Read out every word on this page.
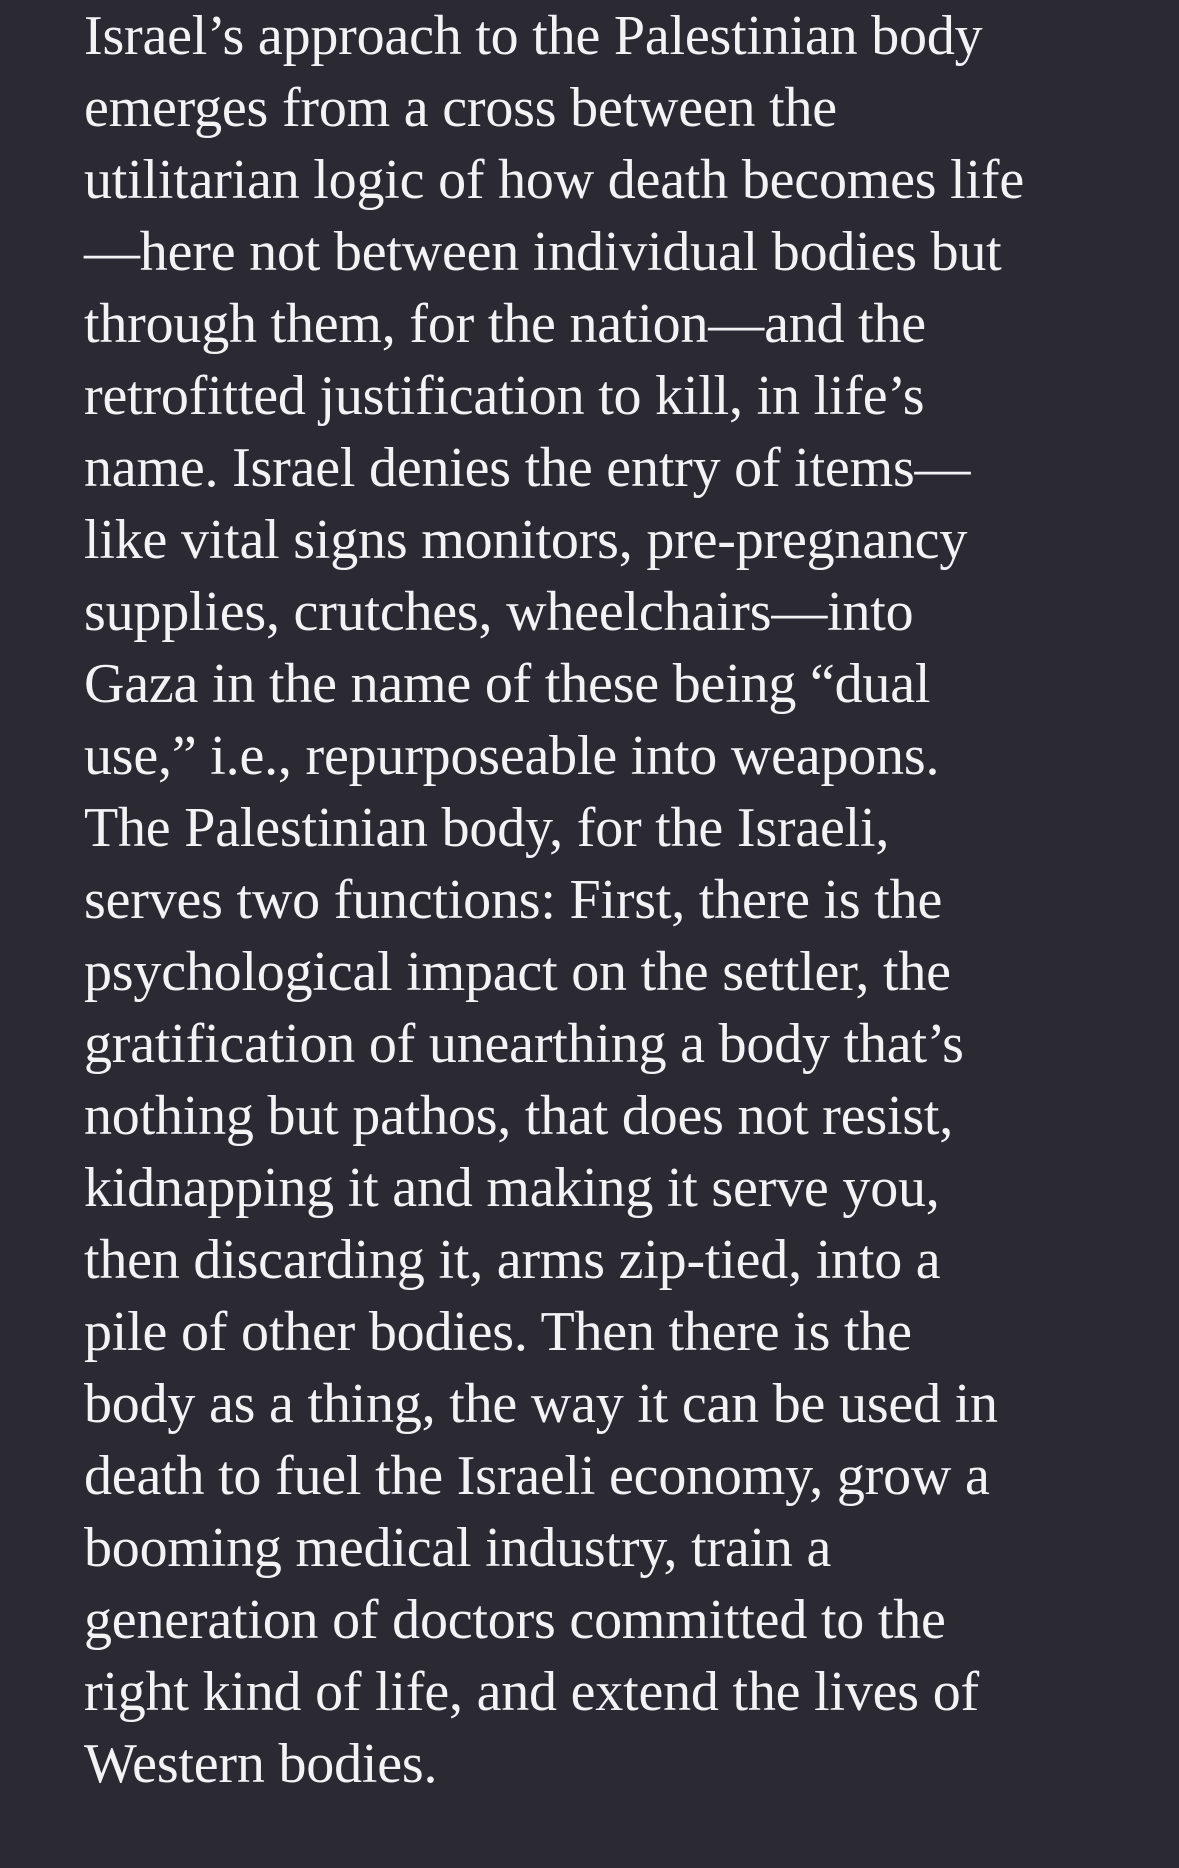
Israel’s approach to the Palestinian body
emerges from a cross between the
utilitarian logic of how death becomes life
—here not between individual bodies but
through them, for the nation—and the
retrofitted justification to kill, in life’s
name. Israel denies the entry of items—
like vital signs monitors, pre-pregnancy
supplies, crutches, wheelchairs—into
Gaza in the name of these being “dual
use,” i.e., repurposeable into weapons.
The Palestinian body, for the Israeli,
serves two functions: First, there is the
psychological impact on the settler, the
gratification of unearthing a body that’s
nothing but pathos, that does not resist,
kidnapping it and making it serve you,
then discarding it, arms zip-tied, into a
pile of other bodies. Then there is the
body as a thing, the way it can be used in
death to fuel the Israeli economy, grow a
booming medical industry, train a
generation of doctors committed to the
right kind of life, and extend the lives of
Western bodies.
